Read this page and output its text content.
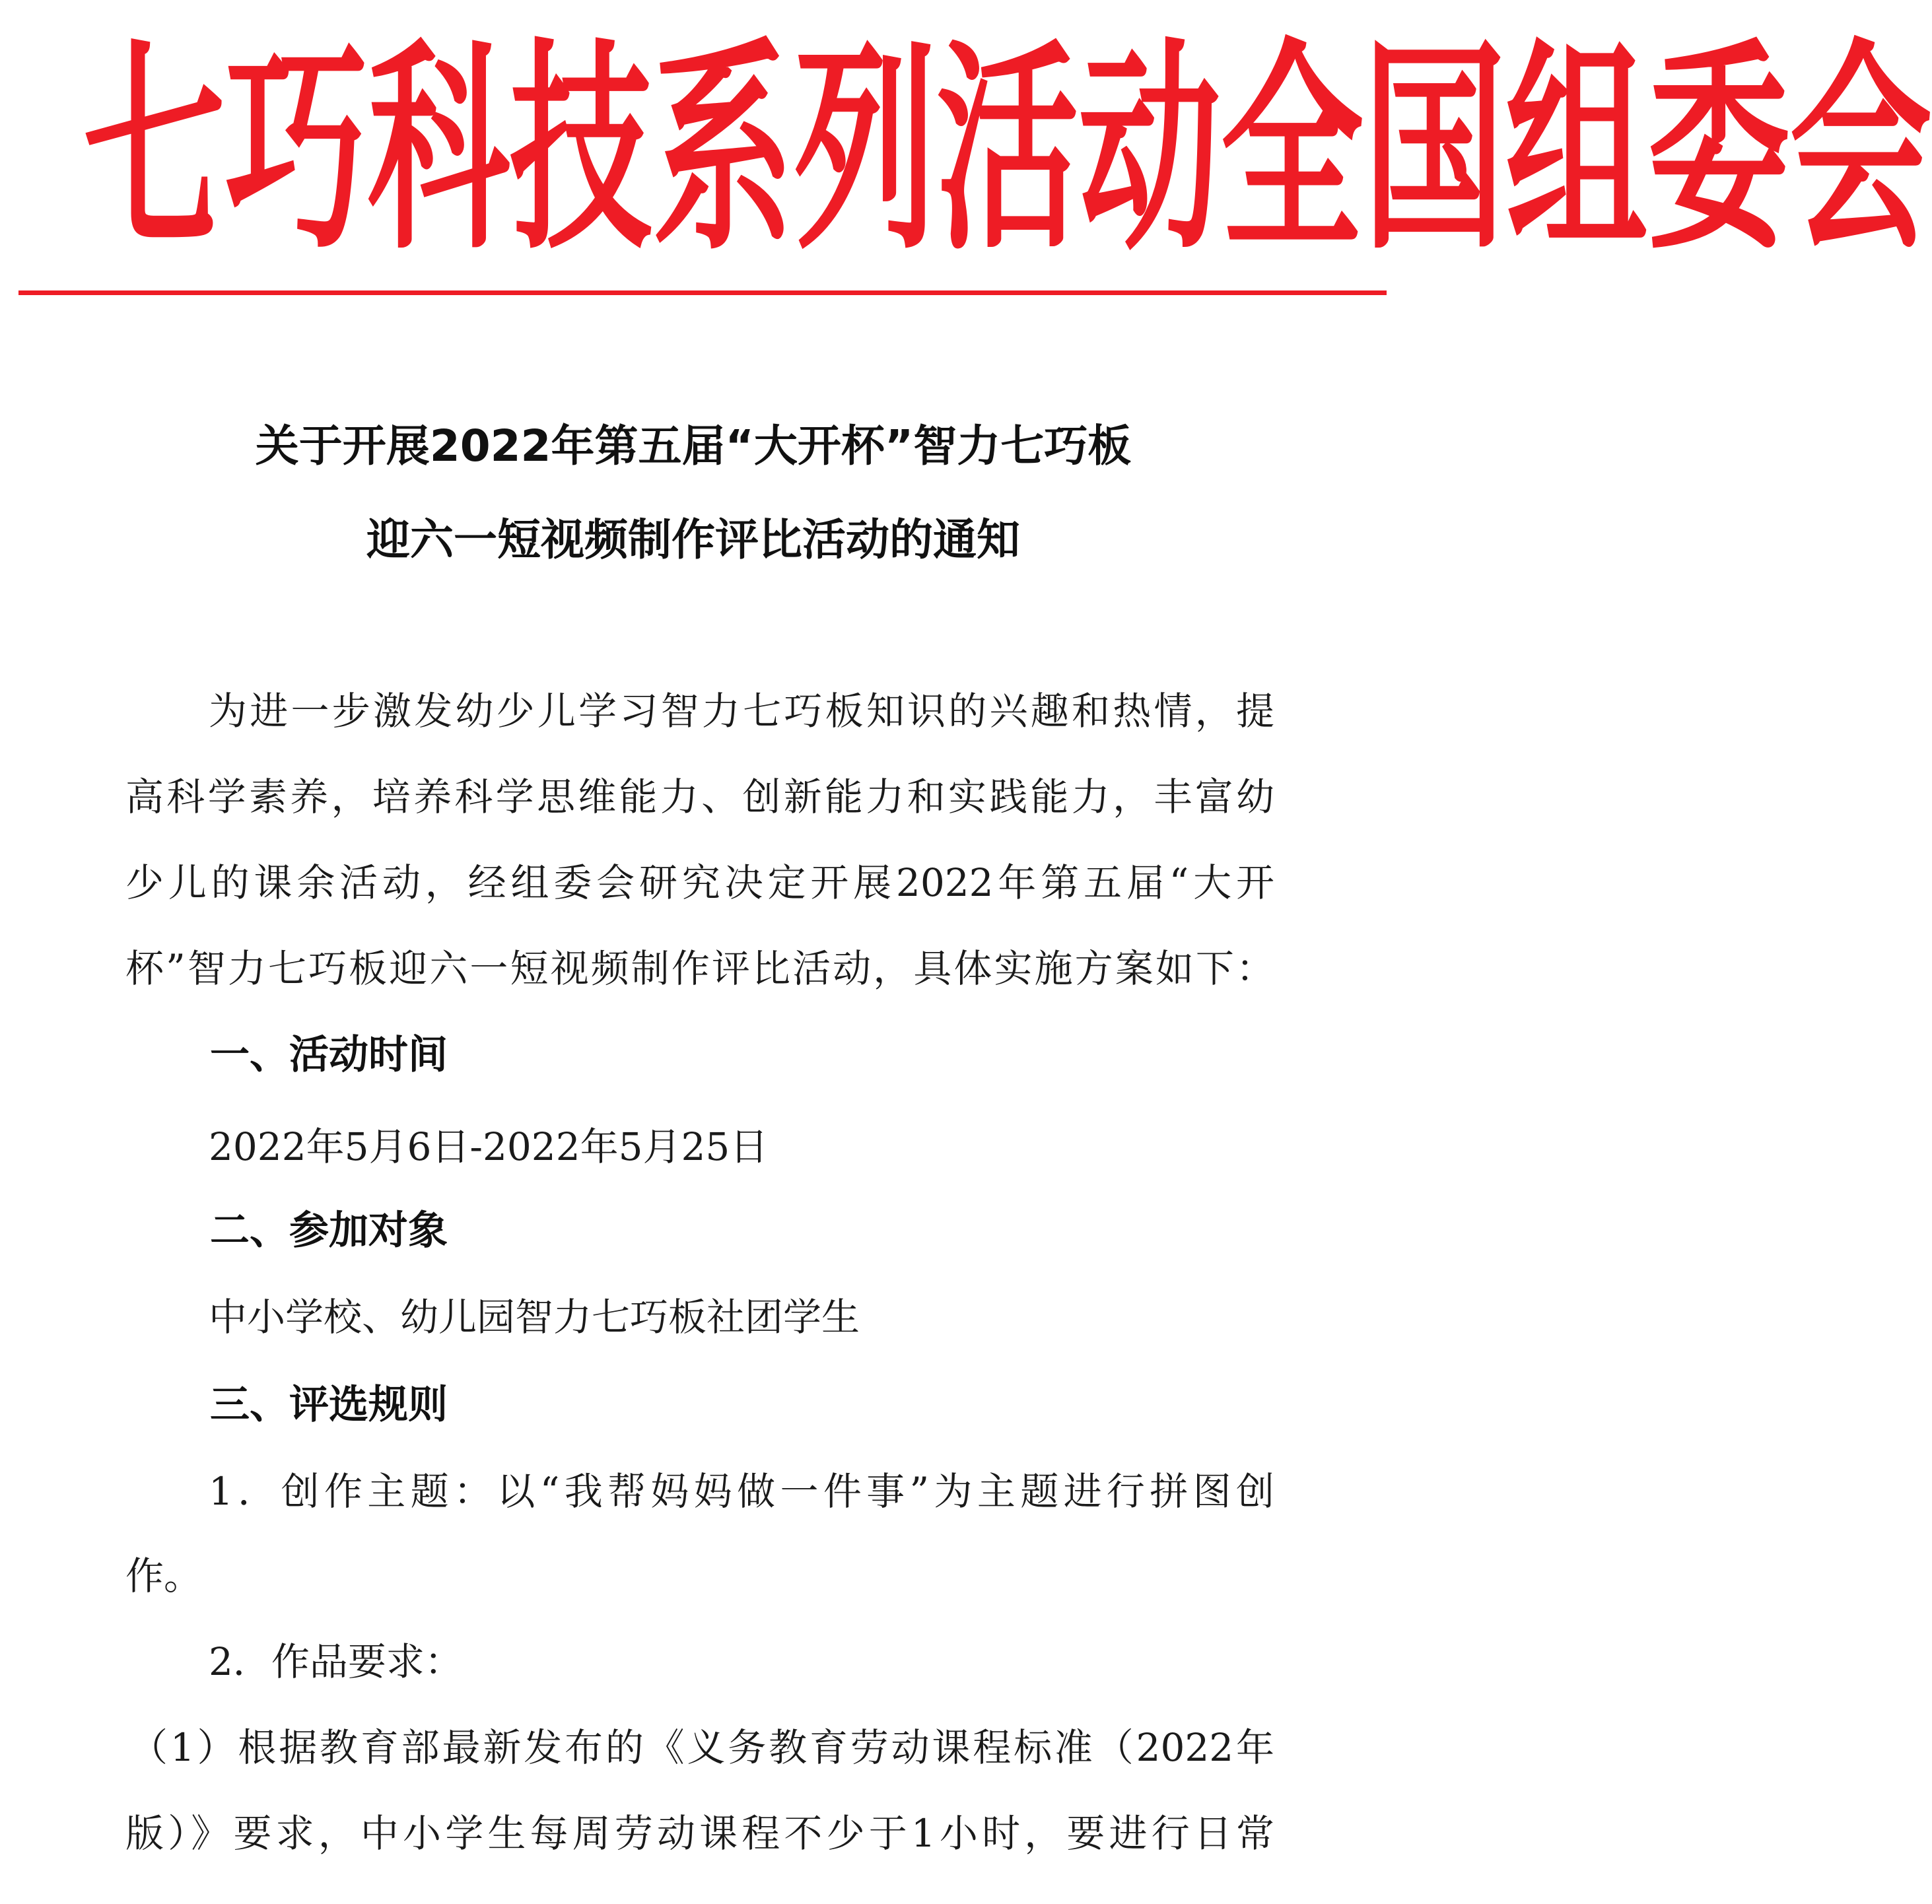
七巧科技系列活动全国组委会
关于开展2022年第五届“大开杯”智力七巧板
迎六一短视频制作评比活动的通知
为进一步激发幼少儿学习智力七巧板知识的兴趣和热情，提
高科学素养，培养科学思维能力、创新能力和实践能力，丰富幼
少儿的课余活动，经组委会研究决定开展2022年第五届“大开
杯”智力七巧板迎六一短视频制作评比活动，具体实施方案如下：
一、活动时间
2022年5月6日-2022年5月25日
二、参加对象
中小学校、幼儿园智力七巧板社团学生
三、评选规则
1．创作主题：以“我帮妈妈做一件事”为主题进行拼图创
作。
2．作品要求：
（1）根据教育部最新发布的《义务教育劳动课程标准（2022年
版）》要求，中小学生每周劳动课程不少于1小时，要进行日常
